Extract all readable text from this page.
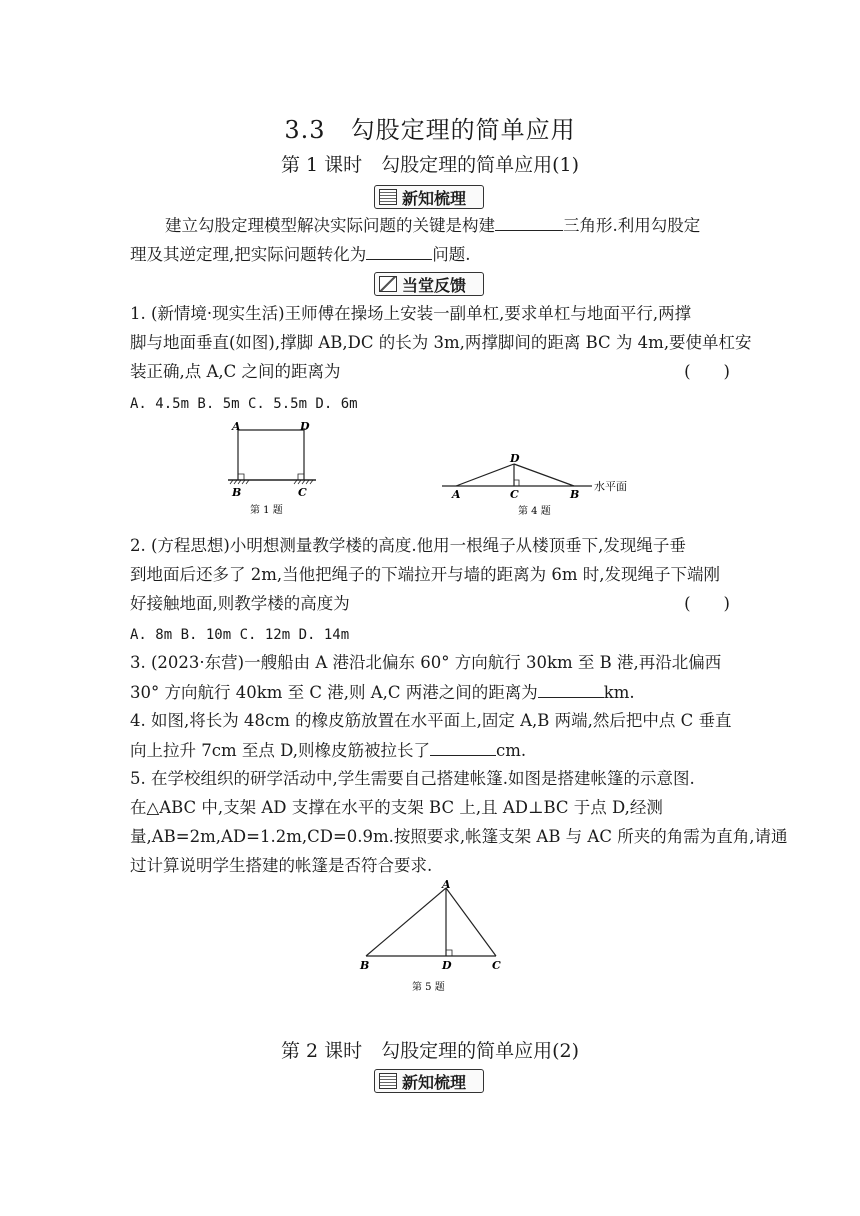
3.3　勾股定理的简单应用
第 1 课时　勾股定理的简单应用(1)
新知梳理
建立勾股定理模型解决实际问题的关键是构建	三角形.利用勾股定
理及其逆定理,把实际问题转化为	问题.
当堂反馈
1. (新情境·现实生活)王师傅在操场上安装一副单杠,要求单杠与地面平行,两撑
脚与地面垂直(如图),撑脚 AB,DC 的长为 3m,两撑脚间的距离 BC 为 4m,要使单杠安
装正确,点 A,C 之间的距离为	(　　)
A. 4.5m B. 5m C. 5.5m D. 6m
A	D
B	C
第 1 题
D
A	C	B
水平面
第 4 题
2. (方程思想)小明想测量教学楼的高度.他用一根绳子从楼顶垂下,发现绳子垂
到地面后还多了 2m,当他把绳子的下端拉开与墙的距离为 6m 时,发现绳子下端刚
好接触地面,则教学楼的高度为	(　　)
A. 8m B. 10m C. 12m D. 14m
3. (2023·东营)一艘船由 A 港沿北偏东 60° 方向航行 30km 至 B 港,再沿北偏西
30° 方向航行 40km 至 C 港,则 A,C 两港之间的距离为	km.
4. 如图,将长为 48cm 的橡皮筋放置在水平面上,固定 A,B 两端,然后把中点 C 垂直
向上拉升 7cm 至点 D,则橡皮筋被拉长了	cm.
5. 在学校组织的研学活动中,学生需要自己搭建帐篷.如图是搭建帐篷的示意图.
在△ABC 中,支架 AD 支撑在水平的支架 BC 上,且 AD⊥BC 于点 D,经测
量,AB=2m,AD=1.2m,CD=0.9m.按照要求,帐篷支架 AB 与 AC 所夹的角需为直角,请通
过计算说明学生搭建的帐篷是否符合要求.
A
B	D	C
第 5 题
第 2 课时　勾股定理的简单应用(2)
新知梳理
